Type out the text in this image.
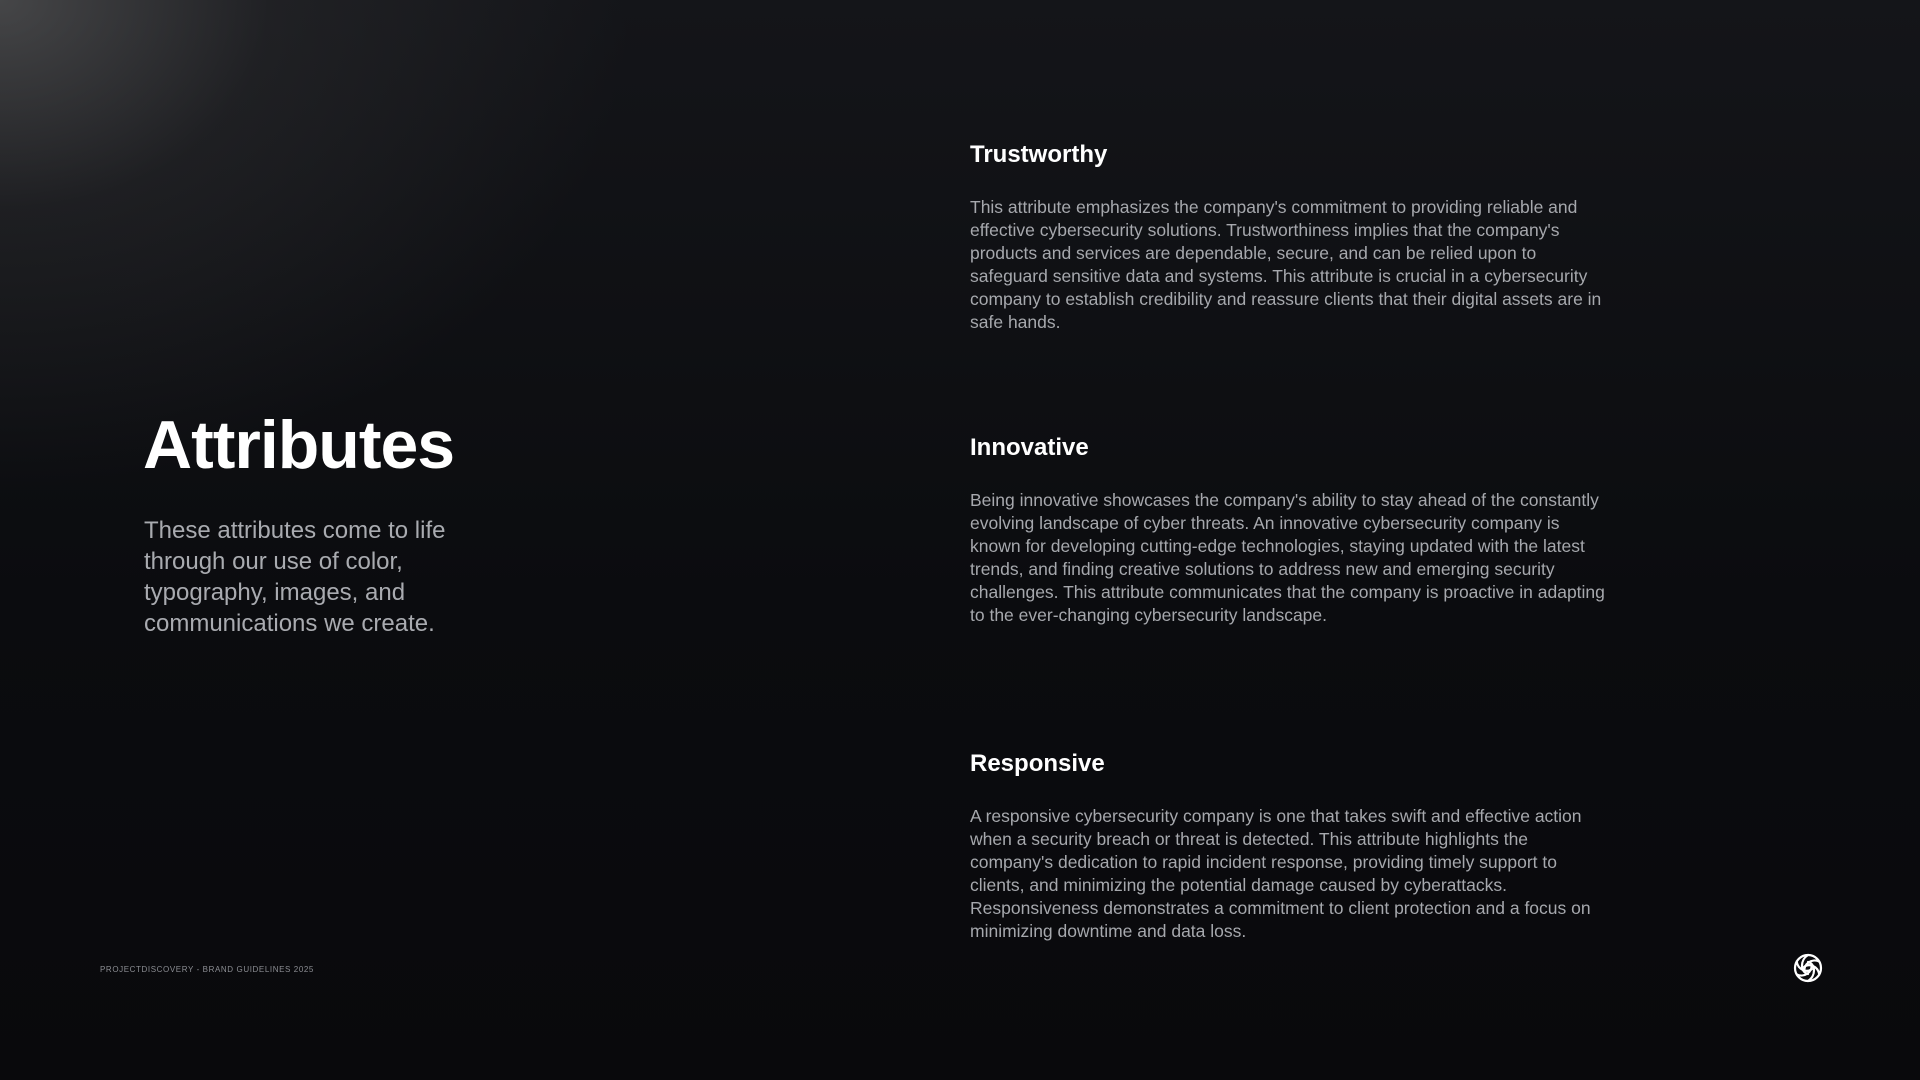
Attributes

These attributes come to life through our use of color, typography, images, and communications we create.

Trustworthy

This attribute emphasizes the company's commitment to providing reliable and effective cybersecurity solutions. Trustworthiness implies that the company's products and services are dependable, secure, and can be relied upon to safeguard sensitive data and systems. This attribute is crucial in a cybersecurity company to establish credibility and reassure clients that their digital assets are in safe hands.

Innovative

Being innovative showcases the company's ability to stay ahead of the constantly evolving landscape of cyber threats. An innovative cybersecurity company is known for developing cutting-edge technologies, staying updated with the latest trends, and finding creative solutions to address new and emerging security challenges. This attribute communicates that the company is proactive in adapting to the ever-changing cybersecurity landscape.

Responsive

A responsive cybersecurity company is one that takes swift and effective action when a security breach or threat is detected. This attribute highlights the company's dedication to rapid incident response, providing timely support to clients, and minimizing the potential damage caused by cyberattacks. Responsiveness demonstrates a commitment to client protection and a focus on minimizing downtime and data loss.

PROJECTDISCOVERY - BRAND GUIDELINES 2025
